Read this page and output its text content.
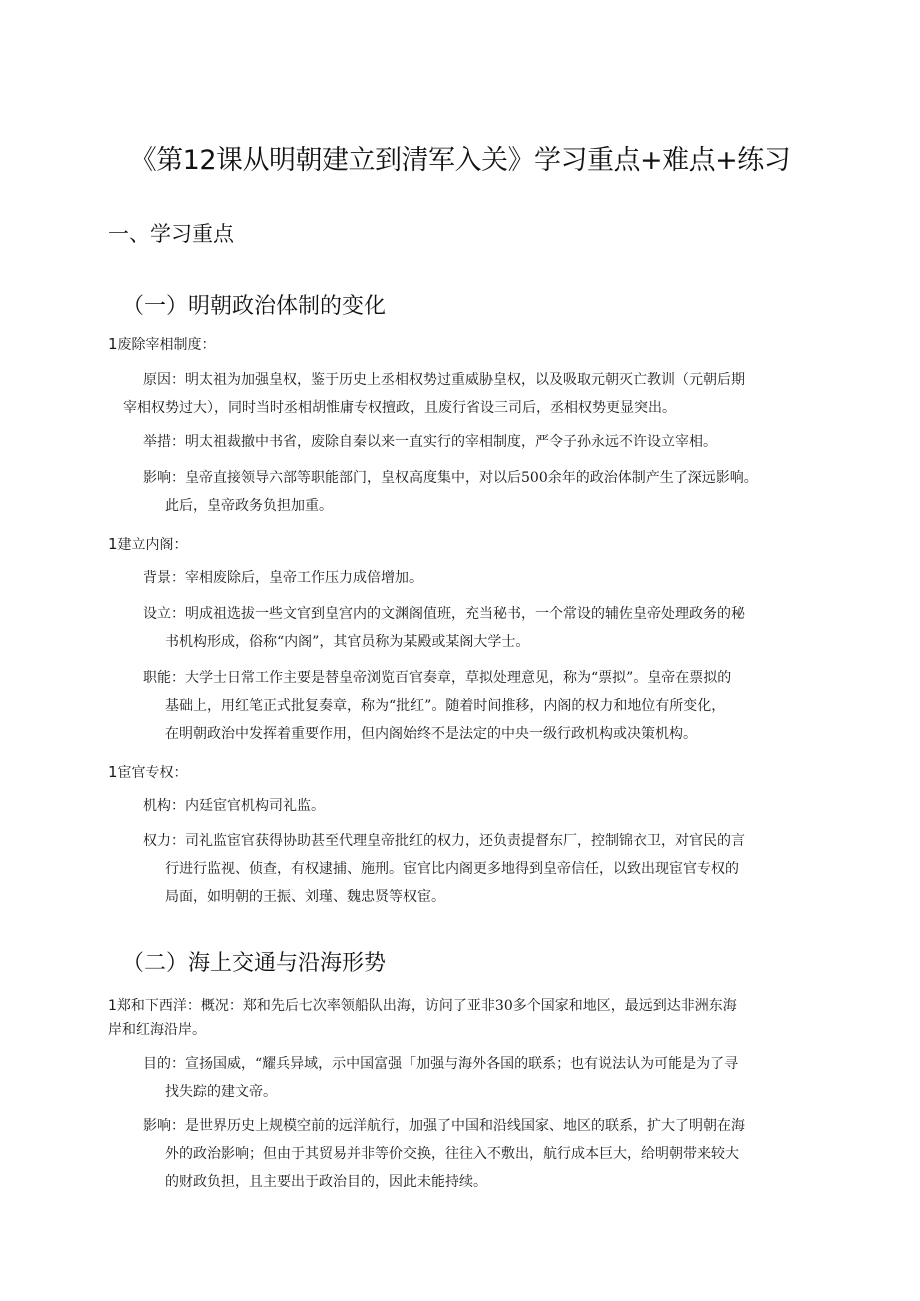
《第12课从明朝建立到清军入关》学习重点+难点+练习
一、学习重点
（一）明朝政治体制的变化
1废除宰相制度：
原因：明太祖为加强皇权，鉴于历史上丞相权势过重威胁皇权，以及吸取元朝灭亡教训（元朝后期
宰相权势过大），同时当时丞相胡惟庸专权擅政，且废行省设三司后，丞相权势更显突出。
举措：明太祖裁撤中书省，废除自秦以来一直实行的宰相制度，严令子孙永远不许设立宰相。
影响：皇帝直接领导六部等职能部门，皇权高度集中，对以后500余年的政治体制产生了深远影响。
此后，皇帝政务负担加重。
1建立内阁：
背景：宰相废除后，皇帝工作压力成倍增加。
设立：明成祖选拔一些文官到皇宫内的文渊阁值班，充当秘书，一个常设的辅佐皇帝处理政务的秘
书机构形成，俗称“内阁”，其官员称为某殿或某阁大学士。
职能：大学士日常工作主要是替皇帝浏览百官奏章，草拟处理意见，称为“票拟”。皇帝在票拟的
基础上，用红笔正式批复奏章，称为“批红”。随着时间推移，内阁的权力和地位有所变化，
在明朝政治中发挥着重要作用，但内阁始终不是法定的中央一级行政机构或决策机构。
1宦官专权：
机构：内廷宦官机构司礼监。
权力：司礼监宦官获得协助甚至代理皇帝批红的权力，还负责提督东厂，控制锦衣卫，对官民的言
行进行监视、侦查，有权逮捕、施刑。宦官比内阁更多地得到皇帝信任，以致出现宦官专权的
局面，如明朝的王振、刘瑾、魏忠贤等权宦。
（二）海上交通与沿海形势
1郑和下西洋：概况：郑和先后七次率领船队出海，访问了亚非30多个国家和地区，最远到达非洲东海
岸和红海沿岸。
目的：宣扬国威，“耀兵异域，示中国富强「加强与海外各国的联系；也有说法认为可能是为了寻
找失踪的建文帝。
影响：是世界历史上规模空前的远洋航行，加强了中国和沿线国家、地区的联系，扩大了明朝在海
外的政治影响；但由于其贸易并非等价交换，往往入不敷出，航行成本巨大，给明朝带来较大
的财政负担，且主要出于政治目的，因此未能持续。
